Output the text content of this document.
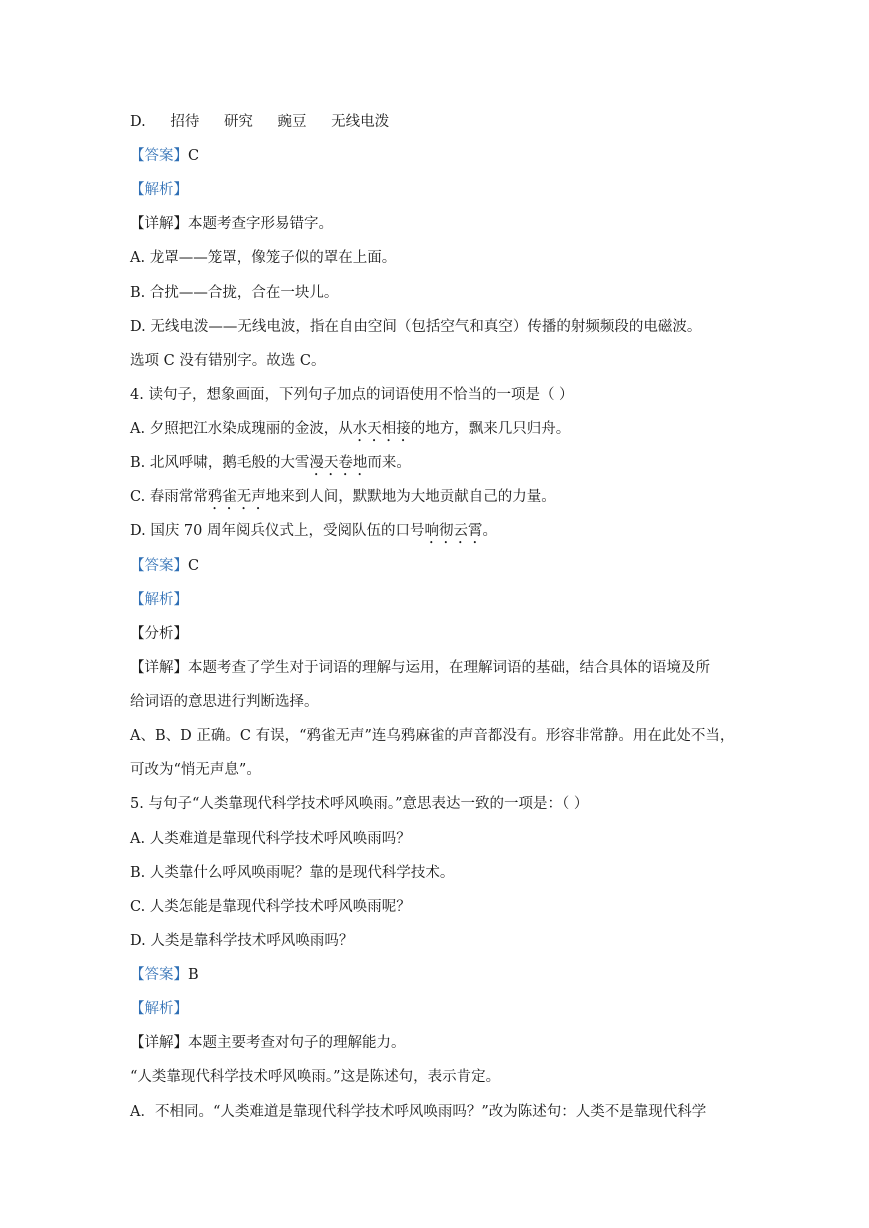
D. 招待 研究 豌豆 无线电泼
【答案】C
【解析】
【详解】本题考查字形易错字。
A. 龙罩——笼罩，像笼子似的罩在上面。
B. 合扰——合拢，合在一块儿。
D. 无线电泼——无线电波，指在自由空间（包括空气和真空）传播的射频频段的电磁波。
选项 C 没有错别字。故选 C。
4. 读句子，想象画面，下列句子加点的词语使用不恰当的一项是（ ）
A. 夕照把江水染成瑰丽的金波，从水天相接的地方，飘来几只归舟。
B. 北风呼啸，鹅毛般的大雪漫天卷地而来。
C. 春雨常常鸦雀无声地来到人间，默默地为大地贡献自己的力量。
D. 国庆 70 周年阅兵仪式上，受阅队伍的口号响彻云霄。
【答案】C
【解析】
【分析】
【详解】本题考查了学生对于词语的理解与运用，在理解词语的基础，结合具体的语境及所
给词语的意思进行判断选择。
A、B、D 正确。C 有误，“鸦雀无声”连乌鸦麻雀的声音都没有。形容非常静。用在此处不当，
可改为“悄无声息”。
5. 与句子“人类靠现代科学技术呼风唤雨。”意思表达一致的一项是：（ ）
A. 人类难道是靠现代科学技术呼风唤雨吗？
B. 人类靠什么呼风唤雨呢？靠的是现代科学技术。
C. 人类怎能是靠现代科学技术呼风唤雨呢？
D. 人类是靠科学技术呼风唤雨吗？
【答案】B
【解析】
【详解】本题主要考查对句子的理解能力。
“人类靠现代科学技术呼风唤雨。”这是陈述句，表示肯定。
A．不相同。“人类难道是靠现代科学技术呼风唤雨吗？”改为陈述句：人类不是靠现代科学
